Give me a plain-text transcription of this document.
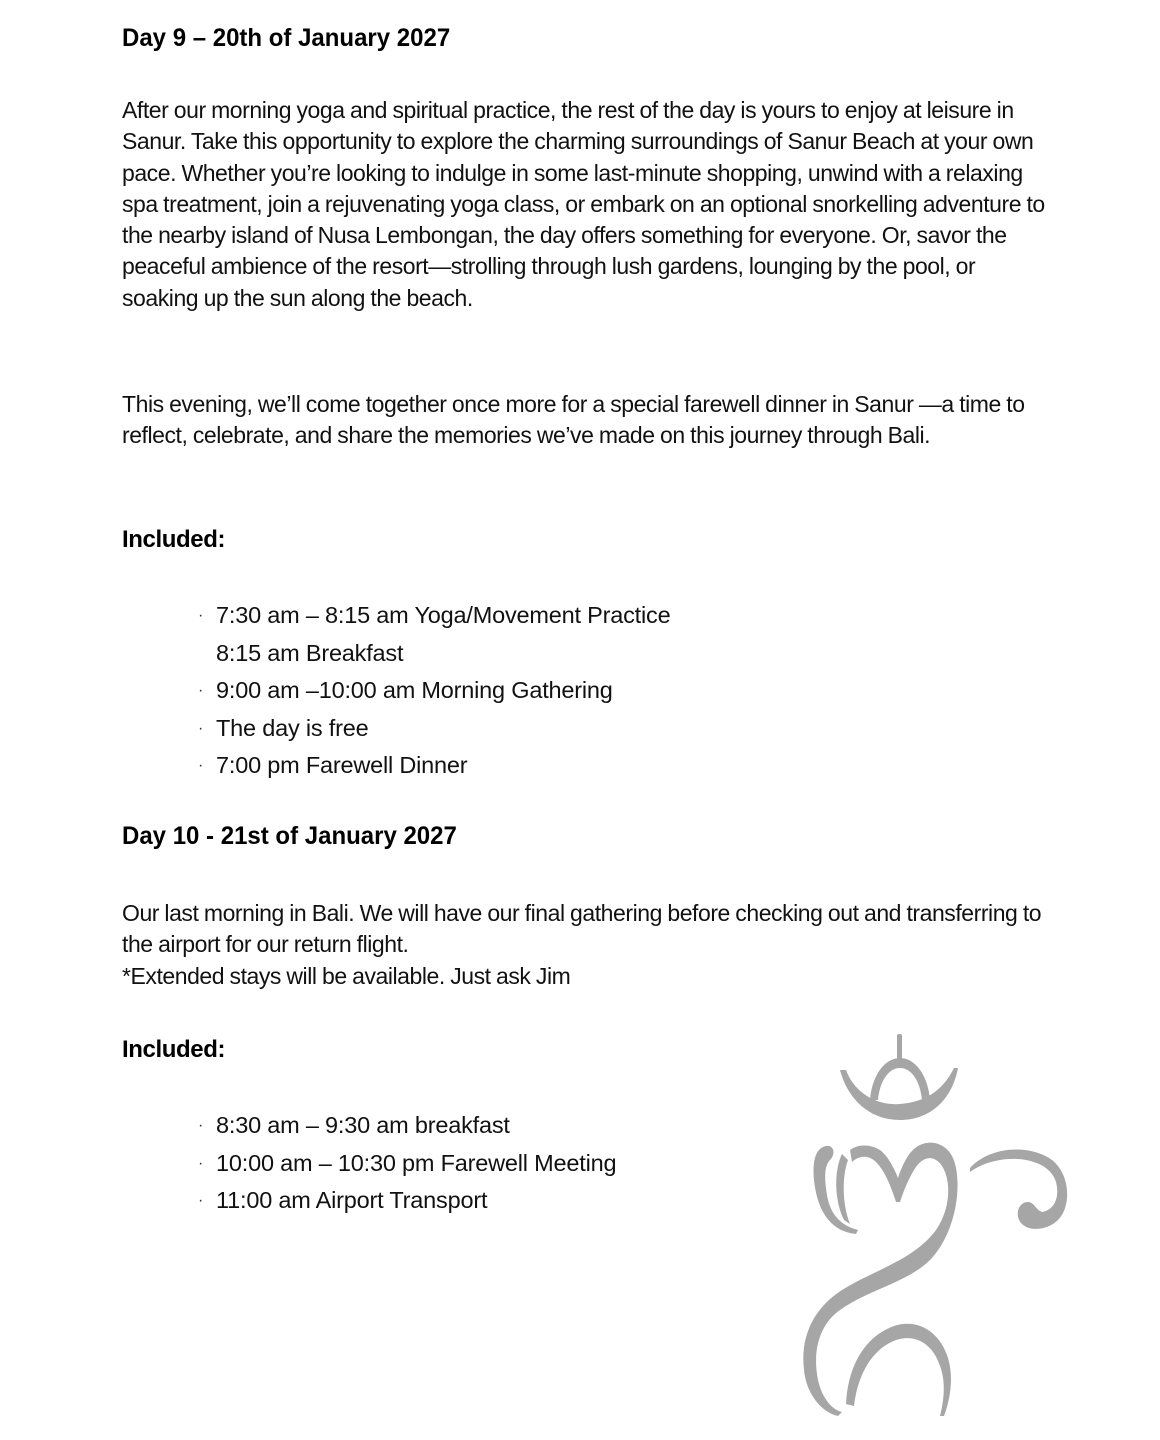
Day 9 – 20th of January 2027

After our morning yoga and spiritual practice, the rest of the day is yours to enjoy at leisure in Sanur. Take this opportunity to explore the charming surroundings of Sanur Beach at your own pace. Whether you’re looking to indulge in some last-minute shopping, unwind with a relaxing spa treatment, join a rejuvenating yoga class, or embark on an optional snorkelling adventure to the nearby island of Nusa Lembongan, the day offers something for everyone. Or, savor the peaceful ambience of the resort—strolling through lush gardens, lounging by the pool, or soaking up the sun along the beach.

This evening, we’ll come together once more for a special farewell dinner in Sanur —a time to reflect, celebrate, and share the memories we’ve made on this journey through Bali.

Included:
· 7:30 am – 8:15 am Yoga/Movement Practice
8:15 am Breakfast
· 9:00 am –10:00 am Morning Gathering
· The day is free
· 7:00 pm Farewell Dinner
Day 10 - 21st of January 2027

Our last morning in Bali. We will have our final gathering before checking out and transferring to the airport for our return flight.

*Extended stays will be available. Just ask Jim

Included:
· 8:30 am – 9:30 am breakfast
· 10:00 am – 10:30 pm Farewell Meeting
· 11:00 am Airport Transport
